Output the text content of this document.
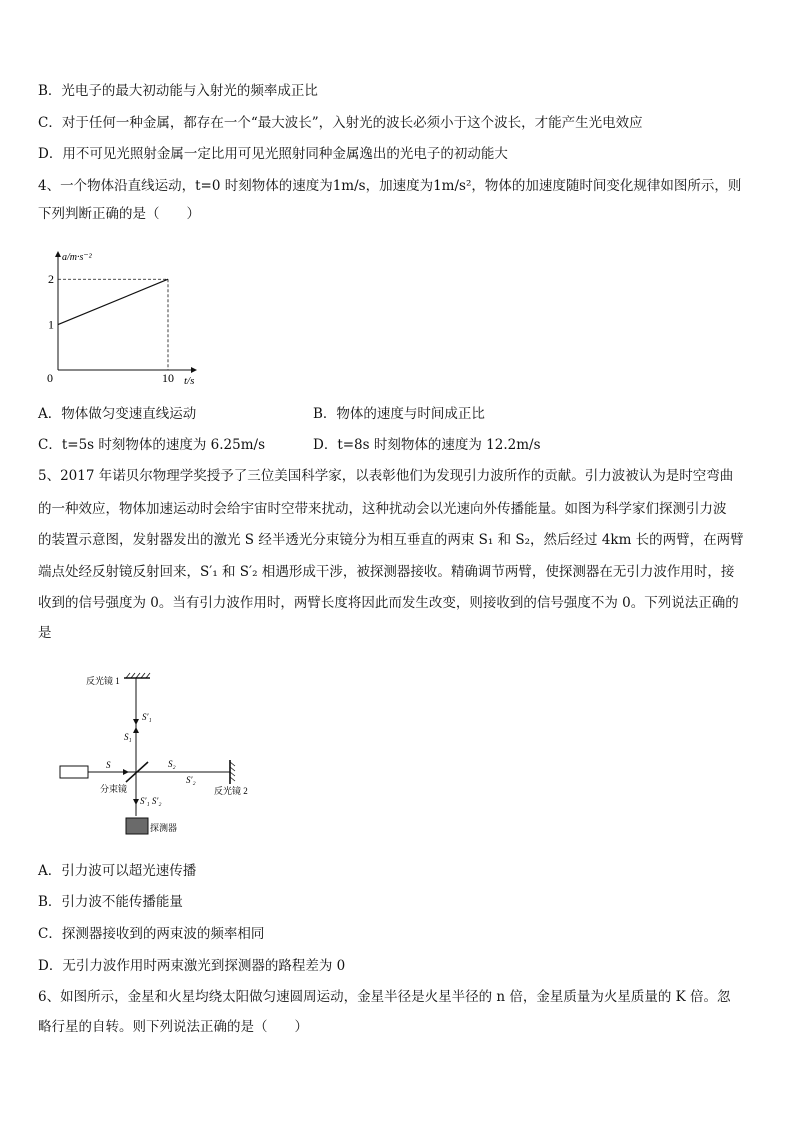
B．光电子的最大初动能与入射光的频率成正比
C．对于任何一种金属，都存在一个“最大波长”，入射光的波长必须小于这个波长，才能产生光电效应
D．用不可见光照射金属一定比用可见光照射同种金属逸出的光电子的初动能大
4、一个物体沿直线运动，t=0 时刻物体的速度为1m/s，加速度为1m/s²，物体的加速度随时间变化规律如图所示，则
下列判断正确的是（　　）
2
1
0	10 t/s
a/m·s⁻²
A．物体做匀变速直线运动	B．物体的速度与时间成正比
C．t=5s 时刻物体的速度为 6.25m/s	D．t=8s 时刻物体的速度为 12.2m/s
5、2017 年诺贝尔物理学奖授予了三位美国科学家，以表彰他们为发现引力波所作的贡献。引力波被认为是时空弯曲
的一种效应，物体加速运动时会给宇宙时空带来扰动，这种扰动会以光速向外传播能量。如图为科学家们探测引力波
的装置示意图，发射器发出的激光 S 经半透光分束镜分为相互垂直的两束 S₁ 和 S₂，然后经过 4km 长的两臂，在两臂
端点处经反射镜反射回来，S′₁ 和 S′₂ 相遇形成干涉，被探测器接收。精确调节两臂，使探测器在无引力波作用时，接
收到的信号强度为 0。当有引力波作用时，两臂长度将因此而发生改变，则接收到的信号强度不为 0。下列说法正确的
是
反光镜 1
反光镜 2
分束镜
探测器
S
S′₁
S₁
S₂
S′₂
S′₁ S′₂
A．引力波可以超光速传播
B．引力波不能传播能量
C．探测器接收到的两束波的频率相同
D．无引力波作用时两束激光到探测器的路程差为 0
6、如图所示，金星和火星均绕太阳做匀速圆周运动，金星半径是火星半径的 n 倍，金星质量为火星质量的 K 倍。忽
略行星的自转。则下列说法正确的是（　　）
